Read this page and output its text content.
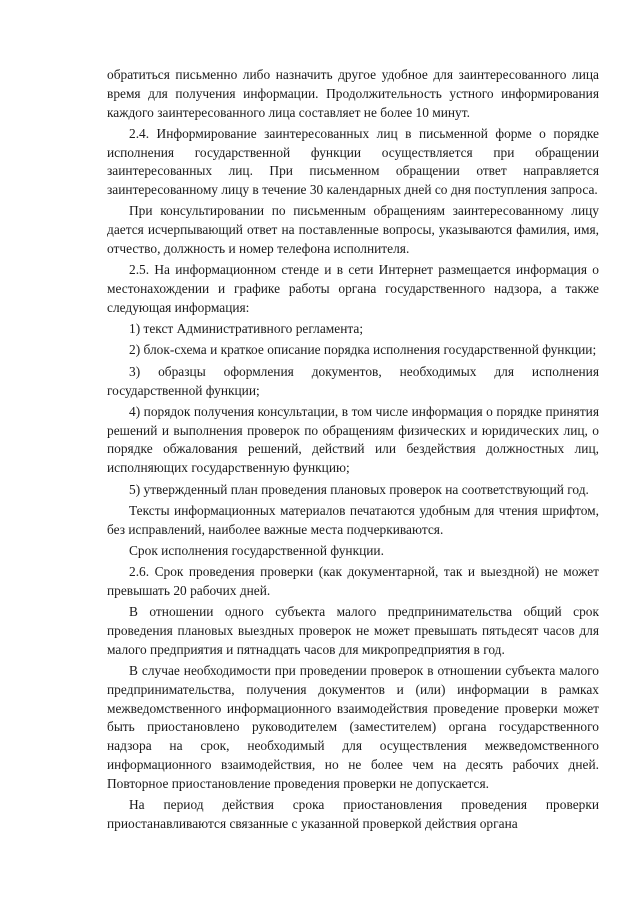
обратиться письменно либо назначить другое удобное для заинтересованного лица время для получения информации. Продолжительность устного информирования каждого заинтересованного лица составляет не более 10 минут.

2.4. Информирование заинтересованных лиц в письменной форме о порядке исполнения государственной функции осуществляется при обращении заинтересованных лиц. При письменном обращении ответ направляется заинтересованному лицу в течение 30 календарных дней со дня поступления запроса.

При консультировании по письменным обращениям заинтересованному лицу дается исчерпывающий ответ на поставленные вопросы, указываются фамилия, имя, отчество, должность и номер телефона исполнителя.

2.5. На информационном стенде и в сети Интернет размещается информация о местонахождении и графике работы органа государственного надзора, а также следующая информация:

1) текст Административного регламента;

2) блок-схема и краткое описание порядка исполнения государственной функции;

3) образцы оформления документов, необходимых для исполнения государственной функции;

4) порядок получения консультации, в том числе информация о порядке принятия решений и выполнения проверок по обращениям физических и юридических лиц, о порядке обжалования решений, действий или бездействия должностных лиц, исполняющих государственную функцию;

5) утвержденный план проведения плановых проверок на соответствующий год.

Тексты информационных материалов печатаются удобным для чтения шрифтом, без исправлений, наиболее важные места подчеркиваются.

Срок исполнения государственной функции.

2.6. Срок проведения проверки (как документарной, так и выездной) не может превышать 20 рабочих дней.

В отношении одного субъекта малого предпринимательства общий срок проведения плановых выездных проверок не может превышать пятьдесят часов для малого предприятия и пятнадцать часов для микропредприятия в год.

В случае необходимости при проведении проверок в отношении субъекта малого предпринимательства, получения документов и (или) информации в рамках межведомственного информационного взаимодействия проведение проверки может быть приостановлено руководителем (заместителем) органа государственного надзора на срок, необходимый для осуществления межведомственного информационного взаимодействия, но не более чем на десять рабочих дней. Повторное приостановление проведения проверки не допускается.

На период действия срока приостановления проведения проверки приостанавливаются связанные с указанной проверкой действия органа
